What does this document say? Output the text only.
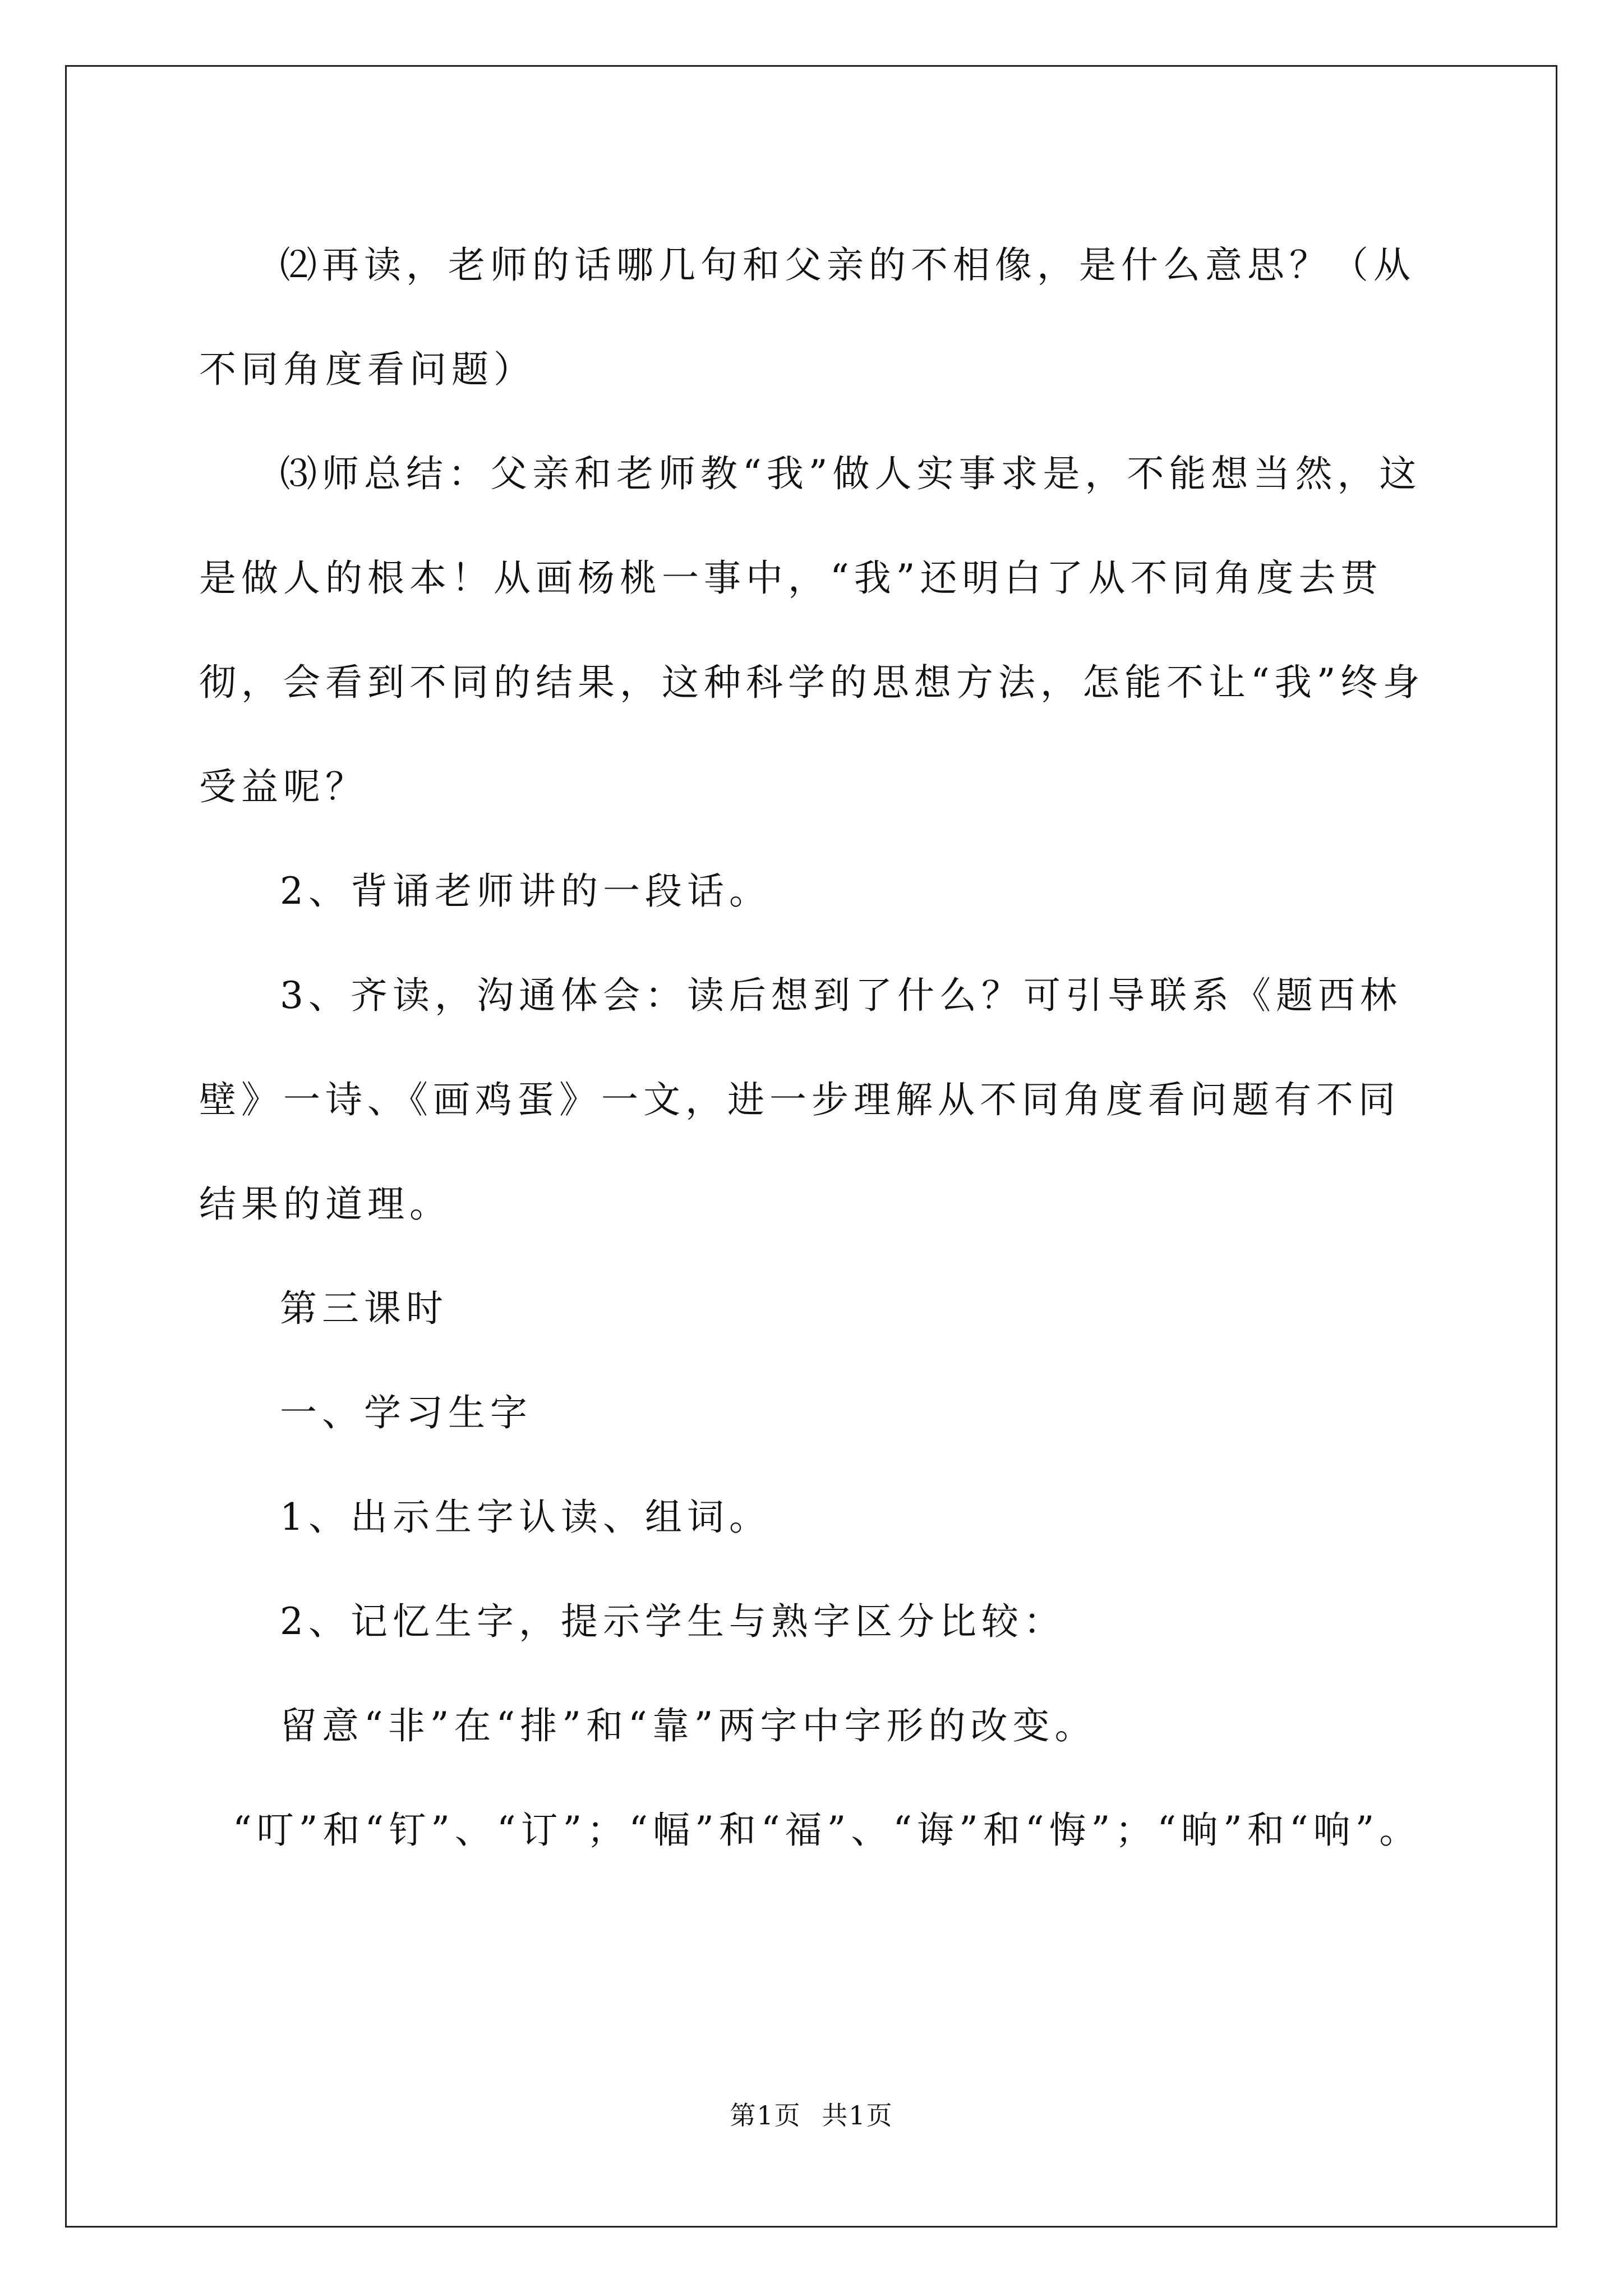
⑵再读，老师的话哪几句和父亲的不相像，是什么意思？（从不同角度看问题）

⑶师总结：父亲和老师教“我”做人实事求是，不能想当然，这是做人的根本！从画杨桃一事中，“我”还明白了从不同角度去贯彻，会看到不同的结果，这种科学的思想方法，怎能不让“我”终身受益呢？

2、背诵老师讲的一段话。

3、齐读，沟通体会：读后想到了什么？可引导联系《题西林壁》一诗、《画鸡蛋》一文，进一步理解从不同角度看问题有不同结果的道理。

第三课时

一、学习生字

1、出示生字认读、组词。

2、记忆生字，提示学生与熟字区分比较：

留意“非”在“排”和“靠”两字中字形的改变。

“叮”和“钉”、“订”；“幅”和“福”、“诲”和“悔”；“晌”和“响”。

第1页 共1页
